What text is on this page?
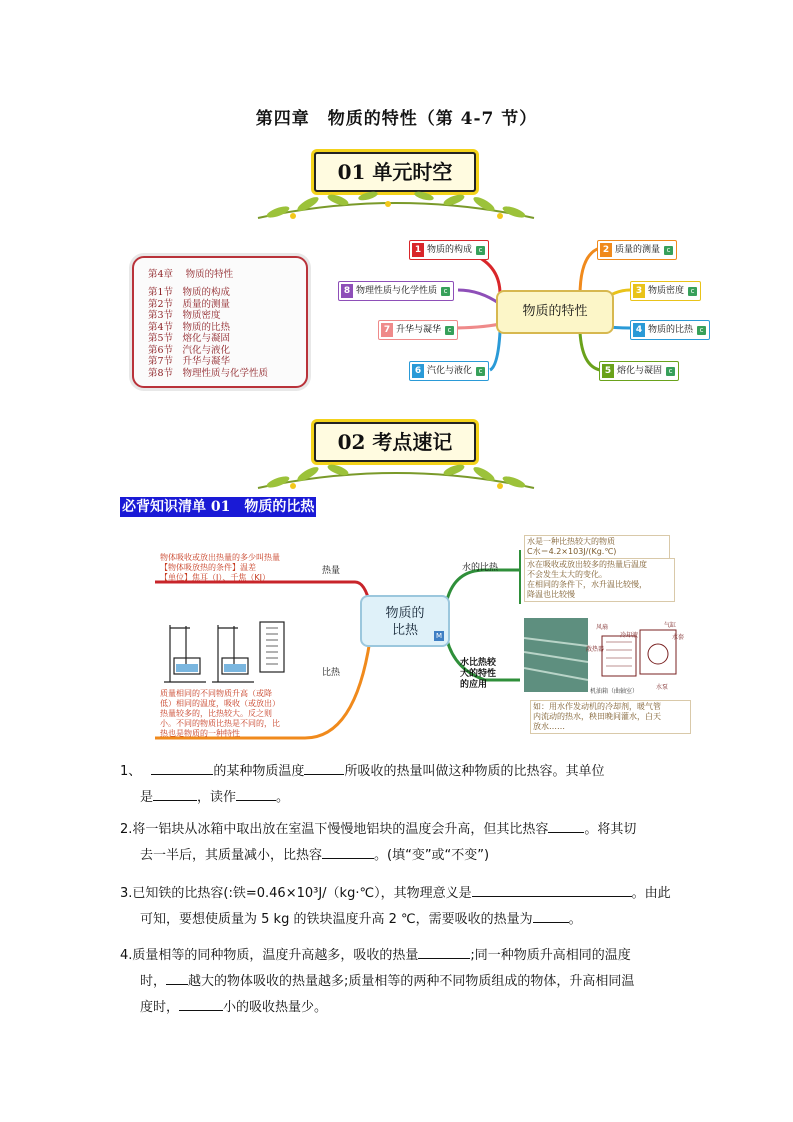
第四章　物质的特性（第 4-7 节）
01 单元时空
第4章　 物质的特性
第1节　物质的构成
第2节　质量的测量
第3节　物质密度
第4节　物质的比热
第5节　熔化与凝固
第6节　汽化与液化
第7节　升华与凝华
第8节　物理性质与化学性质
物质的特性
1 物质的构成 c	2 质量的测量 c
3 物质密度 c
4 物质的比热 c
5 熔化与凝固 c
6 汽化与液化 c
7 升华与凝华 c
8 物理性质与化学性质 c
02 考点速记
必背知识清单 01　物质的比热
物质的
比热	M
物体吸收或放出热量的多少叫热量
【物体吸放热的条件】温差
【单位】焦耳（J）、千焦（KJ）
热量
质量相同的不同物质升高（或降
低）相同的温度，吸收（或放出）
热量较多的，比热较大。反之则
小。不同的物质比热是不同的，比
热也是物质的一种特性
比热
水的比热
水是一种比热较大的物质
C水＝4.2×103J/(Kg.℃)
水在吸收或放出较多的热量后温度
不会发生太大的变化。
在相同的条件下，水升温比较慢，
降温也比较慢
水比热较
大的特性
的应用
风扇
冷却液
散热器
水泵
气缸
水套
机油箱（曲轴室）
如：用水作发动机的冷却剂，暖气管
内流动的热水，秧田晚间灌水，白天
放水……
1、	的某种物质温度	所吸收的热量叫做这种物质的比热容。其单位
是	，读作	。
2.将一铝块从冰箱中取出放在室温下慢慢地铝块的温度会升高，但其比热容	。将其切
去一半后，其质量减小，比热容	。(填“变”或“不变”)
3.已知铁的比热容(:铁=0.46×10³J/（kg·℃），其物理意义是	。由此
可知，要想使质量为 5 kg 的铁块温度升高 2 ℃，需要吸收的热量为	。
4.质量相等的同种物质，温度升高越多，吸收的热量	;同一种物质升高相同的温度
时， 越大的物体吸收的热量越多;质量相等的两种不同物质组成的物体，升高相同温
度时，	小的吸收热量少。
